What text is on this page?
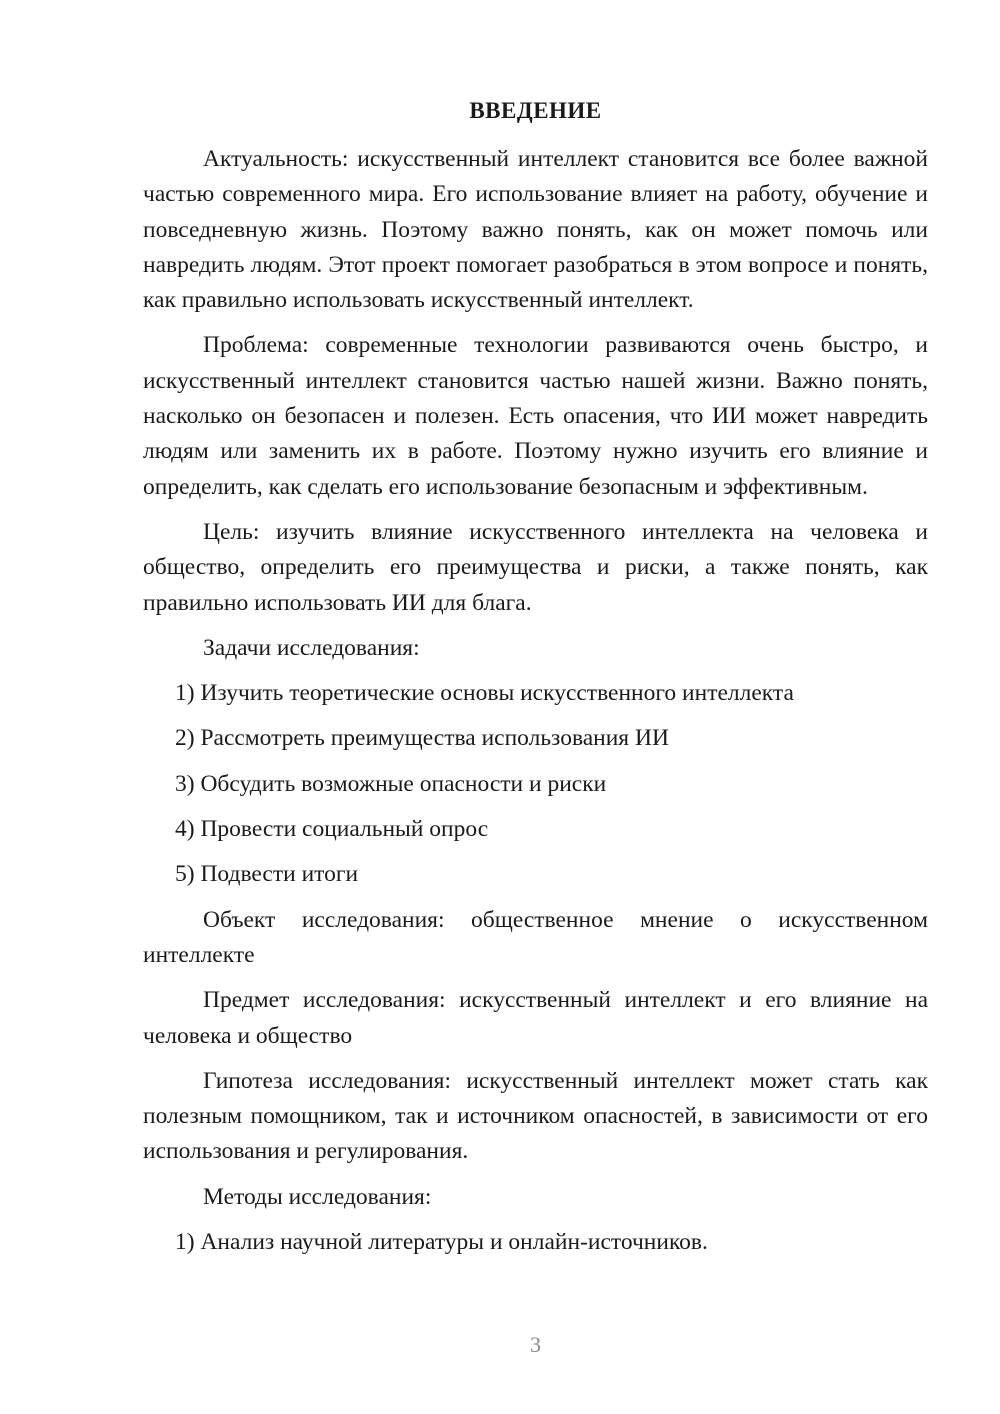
ВВЕДЕНИЕ

Актуальность: искусственный интеллект становится все более важной частью современного мира. Его использование влияет на работу, обучение и повседневную жизнь. Поэтому важно понять, как он может помочь или навредить людям. Этот проект помогает разобраться в этом вопросе и понять, как правильно использовать искусственный интеллект.

Проблема: современные технологии развиваются очень быстро, и искусственный интеллект становится частью нашей жизни. Важно понять, насколько он безопасен и полезен. Есть опасения, что ИИ может навредить людям или заменить их в работе. Поэтому нужно изучить его влияние и определить, как сделать его использование безопасным и эффективным.

Цель: изучить влияние искусственного интеллекта на человека и общество, определить его преимущества и риски, а также понять, как правильно использовать ИИ для блага.

Задачи исследования:

1) Изучить теоретические основы искусственного интеллекта
2) Рассмотреть преимущества использования ИИ
3) Обсудить возможные опасности и риски
4) Провести социальный опрос
5) Подвести итоги

Объект исследования: общественное мнение о искусственном интеллекте

Предмет исследования: искусственный интеллект и его влияние на человека и общество

Гипотеза исследования: искусственный интеллект может стать как полезным помощником, так и источником опасностей, в зависимости от его использования и регулирования.

Методы исследования:

1) Анализ научной литературы и онлайн-источников.
3
